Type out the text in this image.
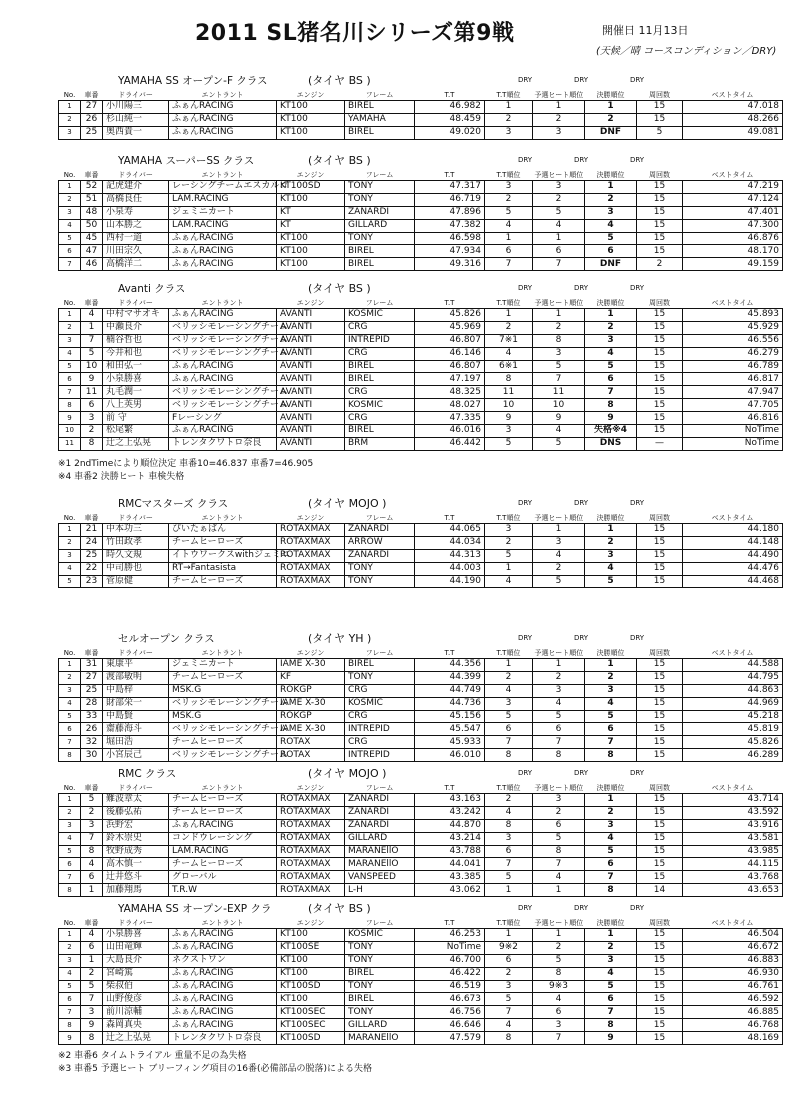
2011 SL猪名川シリーズ第9戦	開催日 11月13日
(天候／晴 コースコンディション／DRY)
YAMAHA SS オープン-F クラス	(タイヤ BS )	DRY	DRY	DRY
No.	車番	ドライバー	エントラント	エンジン	フレーム	T.T	T.T順位	予選ヒート順位	決勝順位	周回数	ベストタイム
1	27	小川陽三	ふぁんRACING	KT100	BIREL	46.982	1	1	1	15	47.018
2	26	杉山純一	ふぁんRACING	KT100	YAMAHA	48.459	2	2	2	15	48.266
3	25	奥西貴一	ふぁんRACING	KT100	BIREL	49.020	3	3	DNF	5	49.081
YAMAHA スーパーSS クラス	(タイヤ BS )	DRY	DRY	DRY
No.	車番	ドライバー	エントラント	エンジン	フレーム	T.T	T.T順位	予選ヒート順位	決勝順位	周回数	ベストタイム
1	52	記虎建介	レーシングチームエスカルゴ	KT100SD	TONY	47.317	3	3	1	15	47.219
2	51	高橋良任	LAM.RACING	KT100	TONY	46.719	2	2	2	15	47.124
3	48	小泉寿	ジェミニカート	KT	ZANARDI	47.896	5	5	3	15	47.401
4	50	山本勝之	LAM.RACING	KT	GILLARD	47.382	4	4	4	15	47.300
5	45	西村一道	ふぁんRACING	KT100	TONY	46.598	1	1	5	15	46.876
6	47	川田宗久	ふぁんRACING	KT100	BIREL	47.934	6	6	6	15	48.170
7	46	高橋洋二	ふぁんRACING	KT100	BIREL	49.316	7	7	DNF	2	49.159
Avanti クラス	(タイヤ BS )	DRY	DRY	DRY
No.	車番	ドライバー	エントラント	エンジン	フレーム	T.T	T.T順位	予選ヒート順位	決勝順位	周回数	ベストタイム
1	4	中村マサオキ	ふぁんRACING	AVANTI	KOSMIC	45.826	1	1	1	15	45.893
2	1	中瀬良介	ベリッシモレーシングチーム	AVANTI	CRG	45.969	2	2	2	15	45.929
3	7	楠谷哲也	ベリッシモレーシングチーム	AVANTI	INTREPID	46.807	7※1	8	3	15	46.556
4	5	今井和也	ベリッシモレーシングチーム	AVANTI	CRG	46.146	4	3	4	15	46.279
5	10	和田弘一	ふぁんRACING	AVANTI	BIREL	46.807	6※1	5	5	15	46.789
6	9	小泉勝喜	ふぁんRACING	AVANTI	BIREL	47.197	8	7	6	15	46.817
7	11	丸毛潤一	ベリッシモレーシングチーム	AVANTI	CRG	48.325	11	11	7	15	47.947
8	6	八上英男	ベリッシモレーシングチーム	AVANTI	KOSMIC	48.027	10	10	8	15	47.705
9	3	前 守	Fレーシング	AVANTI	CRG	47.335	9	9	9	15	46.816
10	2	松尾繁	ふぁんRACING	AVANTI	BIREL	46.016	3	4	失格※4	15	NoTime
11	8	辻之上弘晃	トレンタクワトロ奈良	AVANTI	BRM	46.442	5	5	DNS	—	NoTime
RMCマスターズ クラス	(タイヤ MOJO )	DRY	DRY	DRY
No.	車番	ドライバー	エントラント	エンジン	フレーム	T.T	T.T順位	予選ヒート順位	決勝順位	周回数	ベストタイム
1	21	中本功三	ぴいたぁぱん	ROTAXMAX	ZANARDI	44.065	3	1	1	15	44.180
2	24	竹田政孝	チームヒーローズ	ROTAXMAX	ARROW	44.034	2	3	2	15	44.148
3	25	時久文規	イトウワークスwithジェミニ	ROTAXMAX	ZANARDI	44.313	5	4	3	15	44.490
4	22	中司勝也	RT→Fantasista	ROTAXMAX	TONY	44.003	1	2	4	15	44.476
5	23	菅原健	チームヒーローズ	ROTAXMAX	TONY	44.190	4	5	5	15	44.468
セルオープン クラス	(タイヤ YH )	DRY	DRY	DRY
No.	車番	ドライバー	エントラント	エンジン	フレーム	T.T	T.T順位	予選ヒート順位	決勝順位	周回数	ベストタイム
1	31	東康平	ジェミニカート	IAME X-30	BIREL	44.356	1	1	1	15	44.588
2	27	渡部敏明	チームヒーローズ	KF	TONY	44.399	2	2	2	15	44.795
3	25	中島梓	MSK.G	ROKGP	CRG	44.749	4	3	3	15	44.863
4	28	財部栄一	ベリッシモレーシングチーム	IAME X-30	KOSMIC	44.736	3	4	4	15	44.969
5	33	中島賢	MSK.G	ROKGP	CRG	45.156	5	5	5	15	45.218
6	26	齋藤海斗	ベリッシモレーシングチーム	IAME X-30	INTREPID	45.547	6	6	6	15	45.819
7	32	堀田浩	チームヒーローズ	ROTAX	CRG	45.933	7	7	7	15	45.826
8	30	小宮辰己	ベリッシモレーシングチーム	ROTAX	INTREPID	46.010	8	8	8	15	46.289
RMC クラス	(タイヤ MOJO )	DRY	DRY	DRY
No.	車番	ドライバー	エントラント	エンジン	フレーム	T.T	T.T順位	予選ヒート順位	決勝順位	周回数	ベストタイム
1	5	難波章太	チームヒーローズ	ROTAXMAX	ZANARDI	43.163	2	3	1	15	43.714
2	2	後藤弘祐	チームヒーローズ	ROTAXMAX	ZANARDI	43.242	4	2	2	15	43.592
3	3	浜野宏	ふぁんRACING	ROTAXMAX	ZANARDI	44.870	8	6	3	15	43.916
4	7	鈴木崇史	コンドウレーシング	ROTAXMAX	GILLARD	43.214	3	5	4	15	43.581
5	8	牧野成秀	LAM.RACING	ROTAXMAX	MARANEllO	43.788	6	8	5	15	43.985
6	4	高木慎一	チームヒーローズ	ROTAXMAX	MARANEllO	44.041	7	7	6	15	44.115
7	6	辻井悠斗	グローバル	ROTAXMAX	VANSPEED	43.385	5	4	7	15	43.768
8	1	加藤翔馬	T.R.W	ROTAXMAX	L-H	43.062	1	1	8	14	43.653
YAMAHA SS オープン-EXP クラ	(タイヤ BS )	DRY	DRY	DRY
No.	車番	ドライバー	エントラント	エンジン	フレーム	T.T	T.T順位	予選ヒート順位	決勝順位	周回数	ベストタイム
1	4	小泉勝喜	ふぁんRACING	KT100	KOSMIC	46.253	1	1	1	15	46.504
2	6	山田竜輝	ふぁんRACING	KT100SE	TONY	NoTime	9※2	2	2	15	46.672
3	1	大島良介	ネクストワン	KT100	TONY	46.700	6	5	3	15	46.883
4	2	宮崎篤	ふぁんRACING	KT100	BIREL	46.422	2	8	4	15	46.930
5	5	柴叔伯	ふぁんRACING	KT100SD	TONY	46.519	3	9※3	5	15	46.761
6	7	山野俊彦	ふぁんRACING	KT100	BIREL	46.673	5	4	6	15	46.592
7	3	前川涼輔	ふぁんRACING	KT100SEC	TONY	46.756	7	6	7	15	46.885
8	9	森岡真央	ふぁんRACING	KT100SEC	GILLARD	46.646	4	3	8	15	46.768
9	8	辻之上弘晃	トレンタクワトロ奈良	KT100SD	MARANEllO	47.579	8	7	9	15	48.169
※1 2ndTimeにより順位決定 車番10=46.837 車番7=46.905
※4 車番2 決勝ヒート 車検失格
※2 車番6 タイムトライアル 重量不足の為失格
※3 車番5 予選ヒート ブリーフィング項目の16番(必備部品の脱落)による失格
